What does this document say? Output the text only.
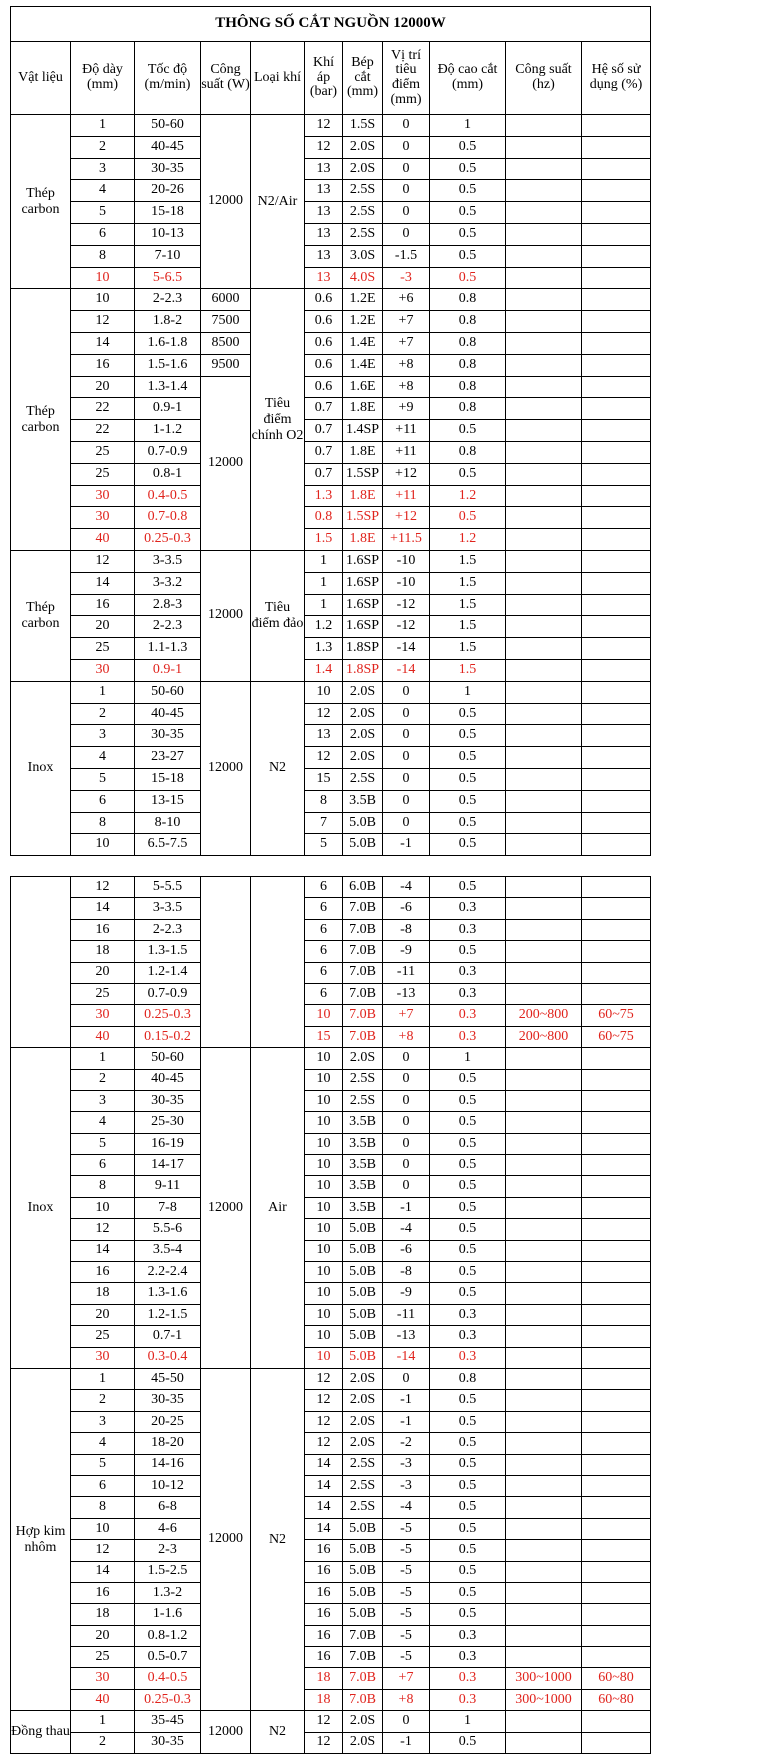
THÔNG SỐ CẮT NGUỒN 12000W										
Vật liệu	Độ dày (mm)	Tốc độ (m/min)	Công suất (W)	Loại khí	Khí áp (bar)	Bép cắt (mm)	Vị trí tiêu điểm (mm)	Độ cao cắt (mm)	Công suất (hz)	Hệ số sử dụng (%)
Thép carbon	1	50-60	12000	N2/Air	12	1.5S	0	1		
	2	40-45			12	2.0S	0	0.5		
	3	30-35			13	2.0S	0	0.5		
	4	20-26			13	2.5S	0	0.5		
	5	15-18			13	2.5S	0	0.5		
	6	10-13			13	2.5S	0	0.5		
	8	7-10			13	3.0S	-1.5	0.5		
	10	5-6.5			13	4.0S	-3	0.5		
Thép carbon	10	2-2.3	6000	Tiêu điểm chính O2	0.6	1.2E	+6	0.8		
	12	1.8-2	7500		0.6	1.2E	+7	0.8		
	14	1.6-1.8	8500		0.6	1.4E	+7	0.8		
	16	1.5-1.6	9500		0.6	1.4E	+8	0.8		
	20	1.3-1.4	12000		0.6	1.6E	+8	0.8		
	22	0.9-1			0.7	1.8E	+9	0.8		
	22	1-1.2			0.7	1.4SP	+11	0.5		
	25	0.7-0.9			0.7	1.8E	+11	0.8		
	25	0.8-1			0.7	1.5SP	+12	0.5		
	30	0.4-0.5			1.3	1.8E	+11	1.2		
	30	0.7-0.8			0.8	1.5SP	+12	0.5		
	40	0.25-0.3			1.5	1.8E	+11.5	1.2		
Thép carbon	12	3-3.5	12000	Tiêu điểm đảo	1	1.6SP	-10	1.5		
	14	3-3.2			1	1.6SP	-10	1.5		
	16	2.8-3			1	1.6SP	-12	1.5		
	20	2-2.3			1.2	1.6SP	-12	1.5		
	25	1.1-1.3			1.3	1.8SP	-14	1.5		
	30	0.9-1			1.4	1.8SP	-14	1.5		
Inox	1	50-60	12000	N2	10	2.0S	0	1		
	2	40-45			12	2.0S	0	0.5		
	3	30-35			13	2.0S	0	0.5		
	4	23-27			12	2.0S	0	0.5		
	5	15-18			15	2.5S	0	0.5		
	6	13-15			8	3.5B	0	0.5		
	8	8-10			7	5.0B	0	0.5		
	10	6.5-7.5			5	5.0B	-1	0.5		
	12	5-5.5			6	6.0B	-4	0.5		
	14	3-3.5			6	7.0B	-6	0.3		
	16	2-2.3			6	7.0B	-8	0.3		
	18	1.3-1.5			6	7.0B	-9	0.5		
	20	1.2-1.4			6	7.0B	-11	0.3		
	25	0.7-0.9			6	7.0B	-13	0.3		
	30	0.25-0.3			10	7.0B	+7	0.3	200~800	60~75
	40	0.15-0.2			15	7.0B	+8	0.3	200~800	60~75
Inox	1	50-60	12000	Air	10	2.0S	0	1		
	2	40-45			10	2.5S	0	0.5		
	3	30-35			10	2.5S	0	0.5		
	4	25-30			10	3.5B	0	0.5		
	5	16-19			10	3.5B	0	0.5		
	6	14-17			10	3.5B	0	0.5		
	8	9-11			10	3.5B	0	0.5		
	10	7-8			10	3.5B	-1	0.5		
	12	5.5-6			10	5.0B	-4	0.5		
	14	3.5-4			10	5.0B	-6	0.5		
	16	2.2-2.4			10	5.0B	-8	0.5		
	18	1.3-1.6			10	5.0B	-9	0.5		
	20	1.2-1.5			10	5.0B	-11	0.3		
	25	0.7-1			10	5.0B	-13	0.3		
	30	0.3-0.4			10	5.0B	-14	0.3		
Hợp kim nhôm	1	45-50	12000	N2	12	2.0S	0	0.8		
	2	30-35			12	2.0S	-1	0.5		
	3	20-25			12	2.0S	-1	0.5		
	4	18-20			12	2.0S	-2	0.5		
	5	14-16			14	2.5S	-3	0.5		
	6	10-12			14	2.5S	-3	0.5		
	8	6-8			14	2.5S	-4	0.5		
	10	4-6			14	5.0B	-5	0.5		
	12	2-3			16	5.0B	-5	0.5		
	14	1.5-2.5			16	5.0B	-5	0.5		
	16	1.3-2			16	5.0B	-5	0.5		
	18	1-1.6			16	5.0B	-5	0.5		
	20	0.8-1.2			16	7.0B	-5	0.3		
	25	0.5-0.7			16	7.0B	-5	0.3		
	30	0.4-0.5			18	7.0B	+7	0.3	300~1000	60~80
	40	0.25-0.3			18	7.0B	+8	0.3	300~1000	60~80
Đồng thau	1	35-45	12000	N2	12	2.0S	0	1		
	2	30-35			12	2.0S	-1	0.5		
